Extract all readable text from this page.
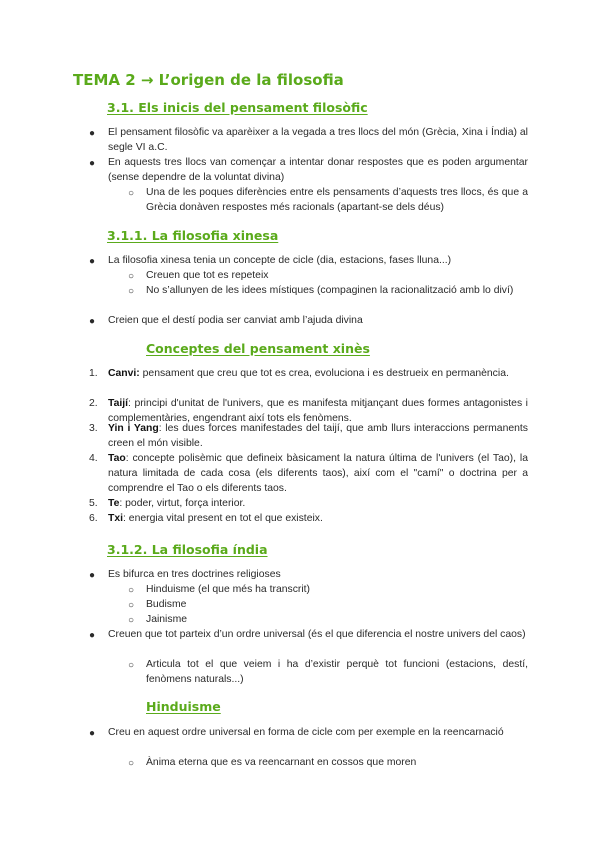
TEMA 2 → L’origen de la filosofia
3.1. Els inicis del pensament filosòfic
● El pensament filosòfic va aparèixer a la vegada a tres llocs del món (Grècia, Xina i Índia) al segle VI a.C.
● En aquests tres llocs van començar a intentar donar respostes que es poden argumentar (sense dependre de la voluntat divina)
○ Una de les poques diferències entre els pensaments d’aquests tres llocs, és que a Grècia donàven respostes més racionals (apartant-se dels déus)
3.1.1. La filosofia xinesa
● La filosofia xinesa tenia un concepte de cicle (dia, estacions, fases lluna...)
○ Creuen que tot es repeteix
○ No s’allunyen de les idees místiques (compaginen la racionalització amb lo diví)
● Creien que el destí podia ser canviat amb l’ajuda divina
Conceptes del pensament xinès
1. Canvi: pensament que creu que tot es crea, evoluciona i es destrueix en permanència.
2. Taijí: principi d'unitat de l'univers, que es manifesta mitjançant dues formes antagonistes i complementàries, engendrant així tots els fenòmens.
3. Yin i Yang: les dues forces manifestades del taijí, que amb llurs interaccions permanents creen el món visible.
4. Tao: concepte polisèmic que defineix bàsicament la natura última de l'univers (el Tao), la natura limitada de cada cosa (els diferents taos), així com el "camí" o doctrina per a comprendre el Tao o els diferents taos.
5. Te: poder, virtut, força interior.
6. Txi: energia vital present en tot el que existeix.
3.1.2. La filosofia índia
● Es bifurca en tres doctrines religioses
○ Hinduisme (el que més ha transcrit)
○ Budisme
○ Jainisme
● Creuen que tot parteix d’un ordre universal (és el que diferencia el nostre univers del caos)
○ Articula tot el que veiem i ha d’existir perquè tot funcioni (estacions, destí, fenòmens naturals...)
Hinduisme
● Creu en aquest ordre universal en forma de cicle com per exemple en la reencarnació
○ Ànima eterna que es va reencarnant en cossos que moren
